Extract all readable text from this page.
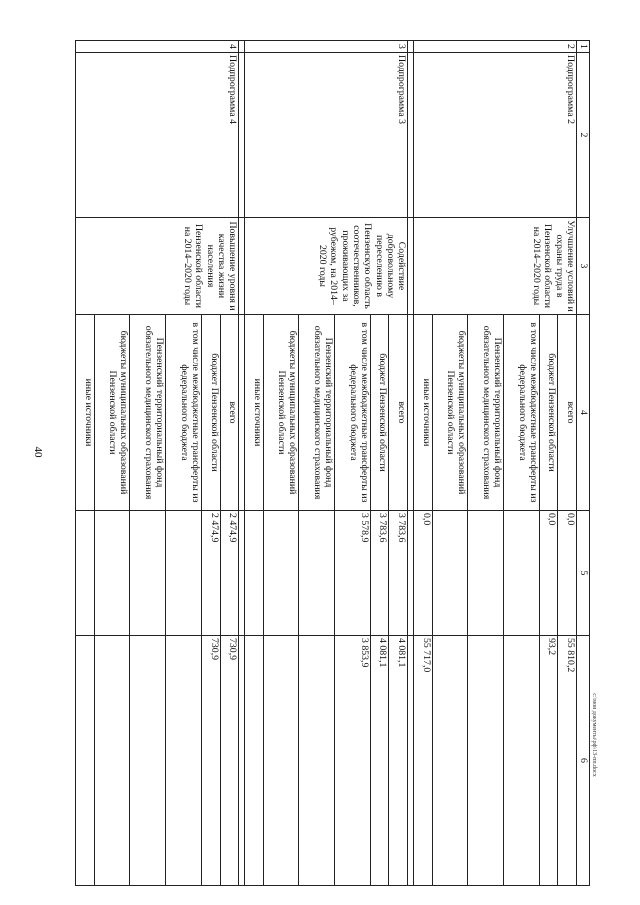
40
1	2	3	4	5	6
2	Подпрограмма 2	Улучшение условий и охраны труда в Пензенской области на 2014–2020 годы	всего	0,0	55 810,2
			бюджет Пензенской области	0,0	93,2
			в том числе межбюджетные трансферты из федерального бюджета		
			Пензенский территориальный фонд обязательного медицинского страхования		
			бюджеты муниципальных образований Пензенской области		
			иные источники	0,0	55 717,0

3	Подпрограмма 3	Содействие добровольному переселению в Пензенскую область соотечественников, проживающих за рубежом, на 2014–2020 годы	всего	3 783,6	4 081,1
			бюджет Пензенской области	3 783,6	4 081,1
			в том числе межбюджетные трансферты из федерального бюджета	3 578,9	3 853,9
			Пензенский территориальный фонд обязательного медицинского страхования		
			бюджеты муниципальных образований Пензенской области		
			иные источники		

4	Подпрограмма 4	Повышение уровня и качества жизни населения Пензенской области на 2014–2020 годы	всего	2 474,9	730,9
			бюджет Пензенской области	2 474,9	730,9
			в том числе межбюджетные трансферты из федерального бюджета		
			Пензенский территориальный фонд обязательного медицинского страхования		
			бюджеты муниципальных образований Пензенской области		
			иные источники		
c:\мои документы\рф\13-пп.docx
